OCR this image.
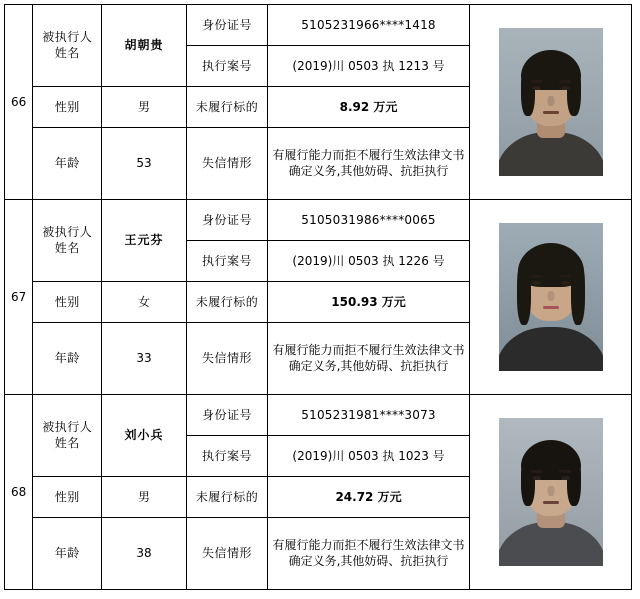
66	被执行人姓名	胡朝贵	身份证号	5105231966****1418	

			执行案号	(2019)川 0503 执 1213 号	
	性别	男	未履行标的	8.92 万元	
	年龄	53	失信情形	有履行能力而拒不履行生效法律文书确定义务,其他妨碍、抗拒执行	
67	被执行人姓名	王元芬	身份证号	5105031986****0065	

			执行案号	(2019)川 0503 执 1226 号	
	性别	女	未履行标的	150.93 万元	
	年龄	33	失信情形	有履行能力而拒不履行生效法律文书确定义务,其他妨碍、抗拒执行	
68	被执行人姓名	刘小兵	身份证号	5105231981****3073	

			执行案号	(2019)川 0503 执 1023 号	
	性别	男	未履行标的	24.72 万元	
	年龄	38	失信情形	有履行能力而拒不履行生效法律文书确定义务,其他妨碍、抗拒执行	
